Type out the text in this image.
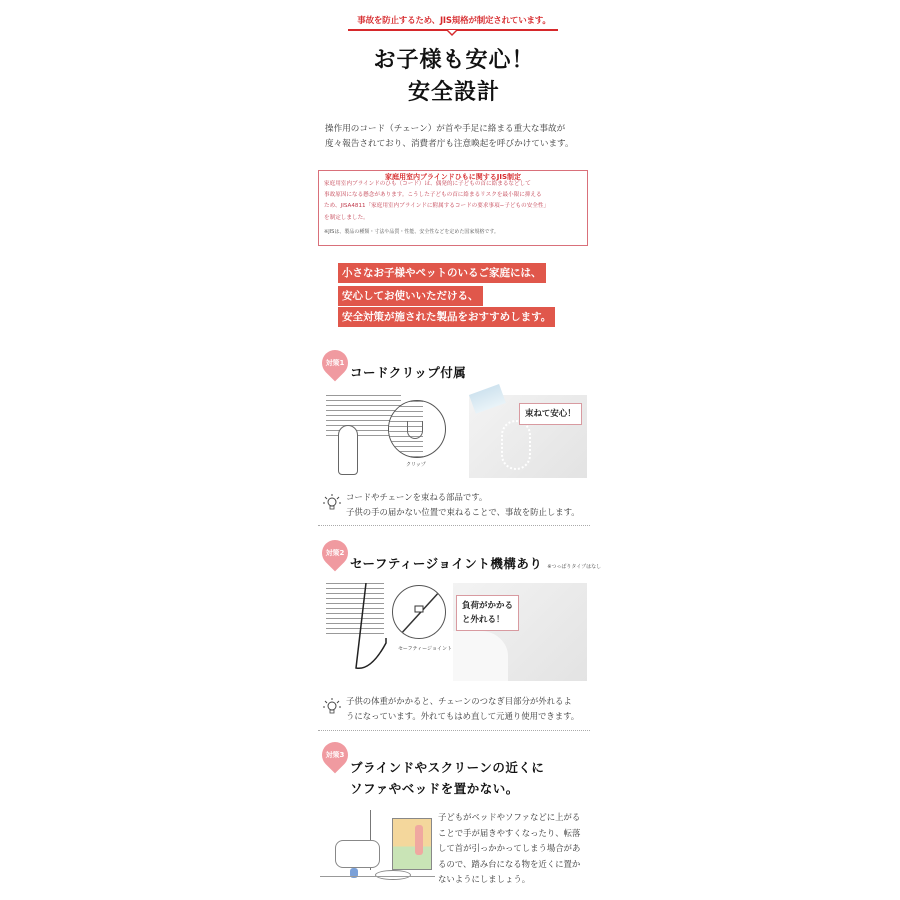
事故を防止するため、JIS規格が制定されています。
お子様も安心！
安全設計
操作用のコード（チェーン）が首や手足に絡まる重大な事故が
度々報告されており、消費者庁も注意喚起を呼びかけています。
家庭用室内ブラインドひもに関するJIS制定
家庭用室内ブラインドのひも（コード）は、偶発的に子どもの首に絡まるなどして
事故原因になる懸念があります。こうした子どもの首に絡まるリスクを最小限に抑える
ため、JISA4811「家庭用室内ブラインドに附属するコードの要求事項−子どもの安全性」
を制定しました。
※JISは、製品の種類・寸法や品質・性能、安全性などを定めた国家規格です。
小さなお子様やペットのいるご家庭には、
安心してお使いいただける、
安全対策が施された製品をおすすめします。
対策1
コードクリップ付属
クリップ
束ねて安心！
コードやチェーンを束ねる部品です。
子供の手の届かない位置で束ねることで、事故を防止します。
対策2
セーフティージョイント機構あり ※つっぱりタイプはなし
セーフティージョイント
負荷がかかる
と外れる！
子供の体重がかかると、チェーンのつなぎ目部分が外れるよ
うになっています。外れてもはめ直して元通り使用できます。
対策3
ブラインドやスクリーンの近くに
ソファやベッドを置かない。
子どもがベッドやソファなどに上がる
ことで手が届きやすくなったり、転落
して首が引っかかってしまう場合があ
るので、踏み台になる物を近くに置か
ないようにしましょう。
